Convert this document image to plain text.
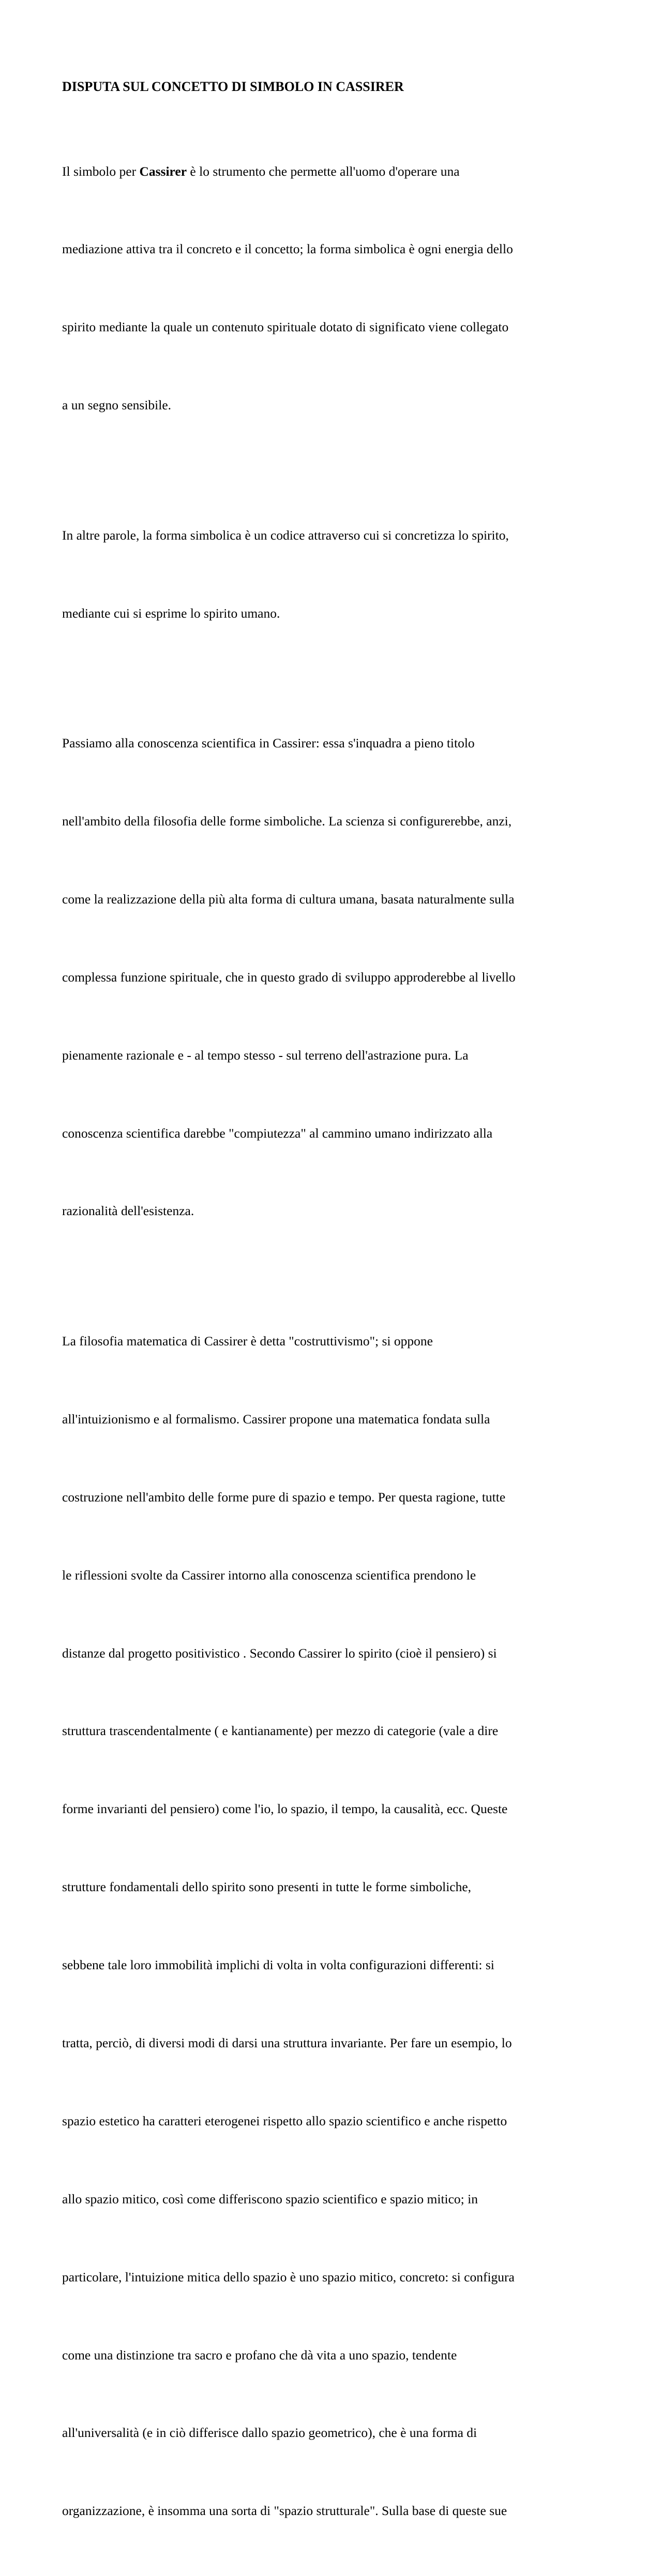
DISPUTA SUL CONCETTO DI SIMBOLO IN CASSIRER

Il simbolo per Cassirer è lo strumento che permette all'uomo d'operare una

mediazione attiva tra il concreto e il concetto; la forma simbolica è ogni energia dello

spirito mediante la quale un contenuto spirituale dotato di significato viene collegato

a un segno sensibile.

In altre parole, la forma simbolica è un codice attraverso cui si concretizza lo spirito,

mediante cui si esprime lo spirito umano.

Passiamo alla conoscenza scientifica in Cassirer: essa s'inquadra a pieno titolo

nell'ambito della filosofia delle forme simboliche. La scienza si configurerebbe, anzi,

come la realizzazione della più alta forma di cultura umana, basata naturalmente sulla

complessa funzione spirituale, che in questo grado di sviluppo approderebbe al livello

pienamente razionale e - al tempo stesso - sul terreno dell'astrazione pura. La

conoscenza scientifica darebbe "compiutezza" al cammino umano indirizzato alla

razionalità dell'esistenza.

La filosofia matematica di Cassirer è detta "costruttivismo"; si oppone

all'intuizionismo e al formalismo. Cassirer propone una matematica fondata sulla

costruzione nell'ambito delle forme pure di spazio e tempo. Per questa ragione, tutte

le riflessioni svolte da Cassirer intorno alla conoscenza scientifica prendono le

distanze dal progetto positivistico . Secondo Cassirer lo spirito (cioè il pensiero) si

struttura trascendentalmente ( e kantianamente) per mezzo di categorie (vale a dire

forme invarianti del pensiero) come l'io, lo spazio, il tempo, la causalità, ecc. Queste

strutture fondamentali dello spirito sono presenti in tutte le forme simboliche,

sebbene tale loro immobilità implichi di volta in volta configurazioni differenti: si

tratta, perciò, di diversi modi di darsi una struttura invariante. Per fare un esempio, lo

spazio estetico ha caratteri eterogenei rispetto allo spazio scientifico e anche rispetto

allo spazio mitico, così come differiscono spazio scientifico e spazio mitico; in

particolare, l'intuizione mitica dello spazio è uno spazio mitico, concreto: si configura

come una distinzione tra sacro e profano che dà vita a uno spazio, tendente

all'universalità (e in ciò differisce dallo spazio geometrico), che è una forma di

organizzazione, è insomma una sorta di "spazio strutturale". Sulla base di queste sue
